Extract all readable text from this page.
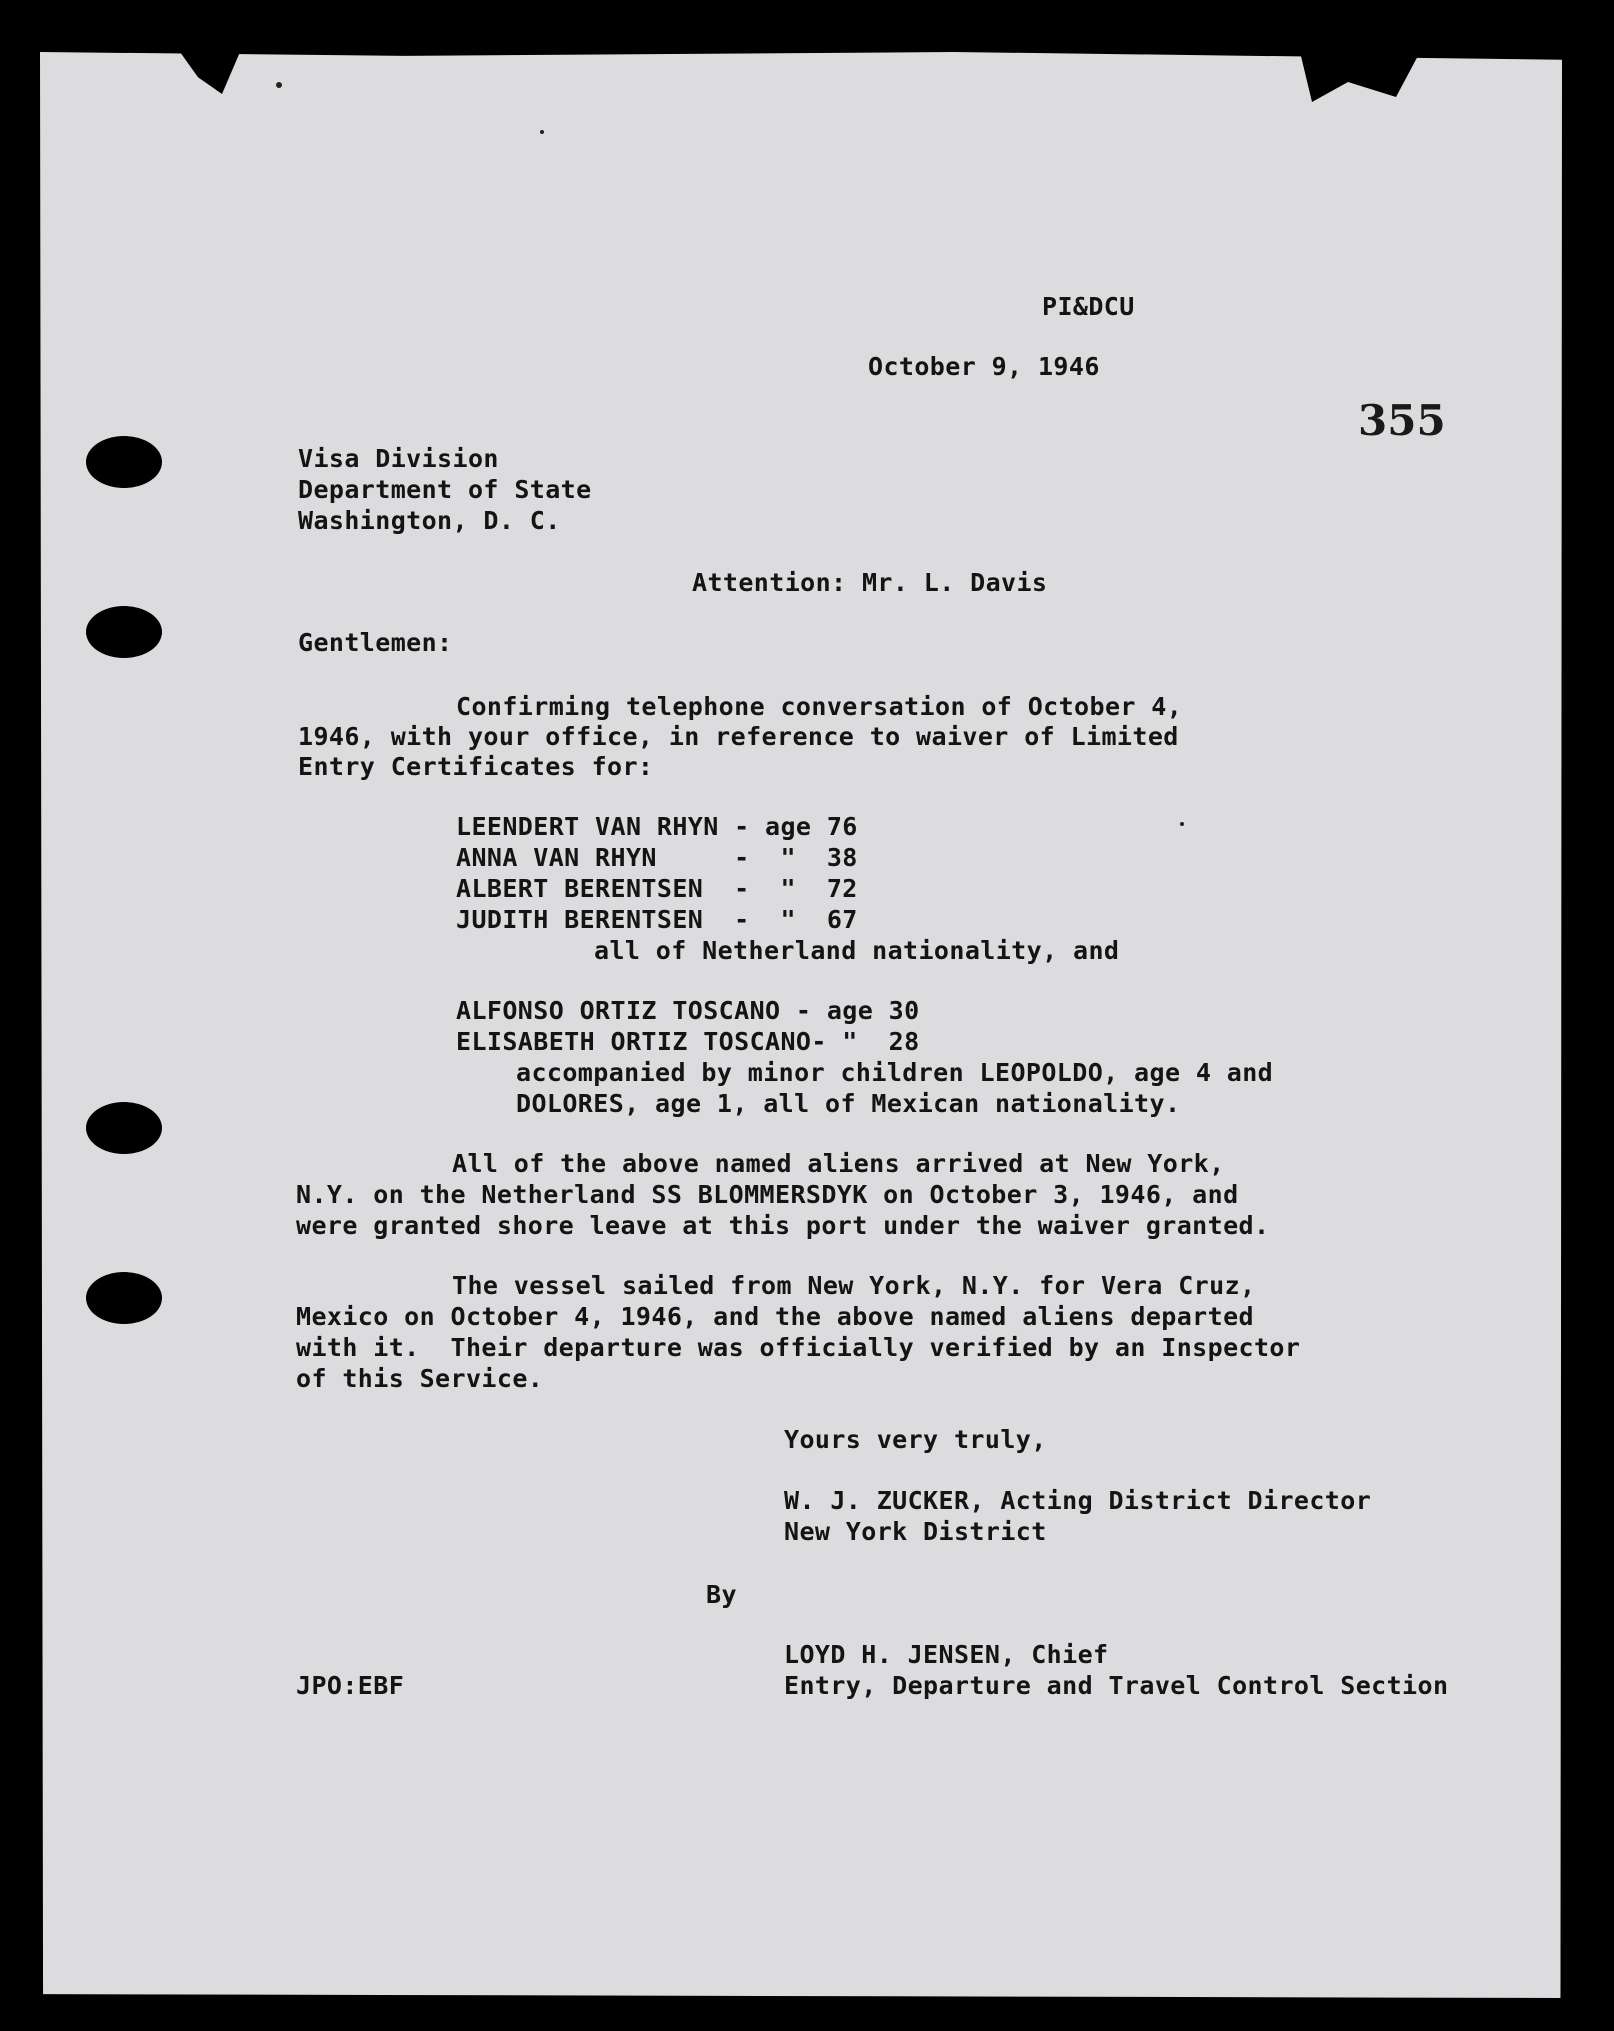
PI&DCU

October 9, 1946

355

Visa Division

Department of State

Washington, D. C.

Attention: Mr. L. Davis

Gentlemen:

Confirming telephone conversation of October 4,

1946, with your office, in reference to waiver of Limited

Entry Certificates for:

LEENDERT VAN RHYN - age 76

ANNA VAN RHYN     -  "  38

ALBERT BERENTSEN  -  "  72

JUDITH BERENTSEN  -  "  67

all of Netherland nationality, and

ALFONSO ORTIZ TOSCANO - age 30

ELISABETH ORTIZ TOSCANO- "  28

accompanied by minor children LEOPOLDO, age 4 and

DOLORES, age 1, all of Mexican nationality.

All of the above named aliens arrived at New York,

N.Y. on the Netherland SS BLOMMERSDYK on October 3, 1946, and

were granted shore leave at this port under the waiver granted.

The vessel sailed from New York, N.Y. for Vera Cruz,

Mexico on October 4, 1946, and the above named aliens departed

with it.  Their departure was officially verified by an Inspector

of this Service.

Yours very truly,

W. J. ZUCKER, Acting District Director

New York District

By

LOYD H. JENSEN, Chief

Entry, Departure and Travel Control Section

JPO:EBF
